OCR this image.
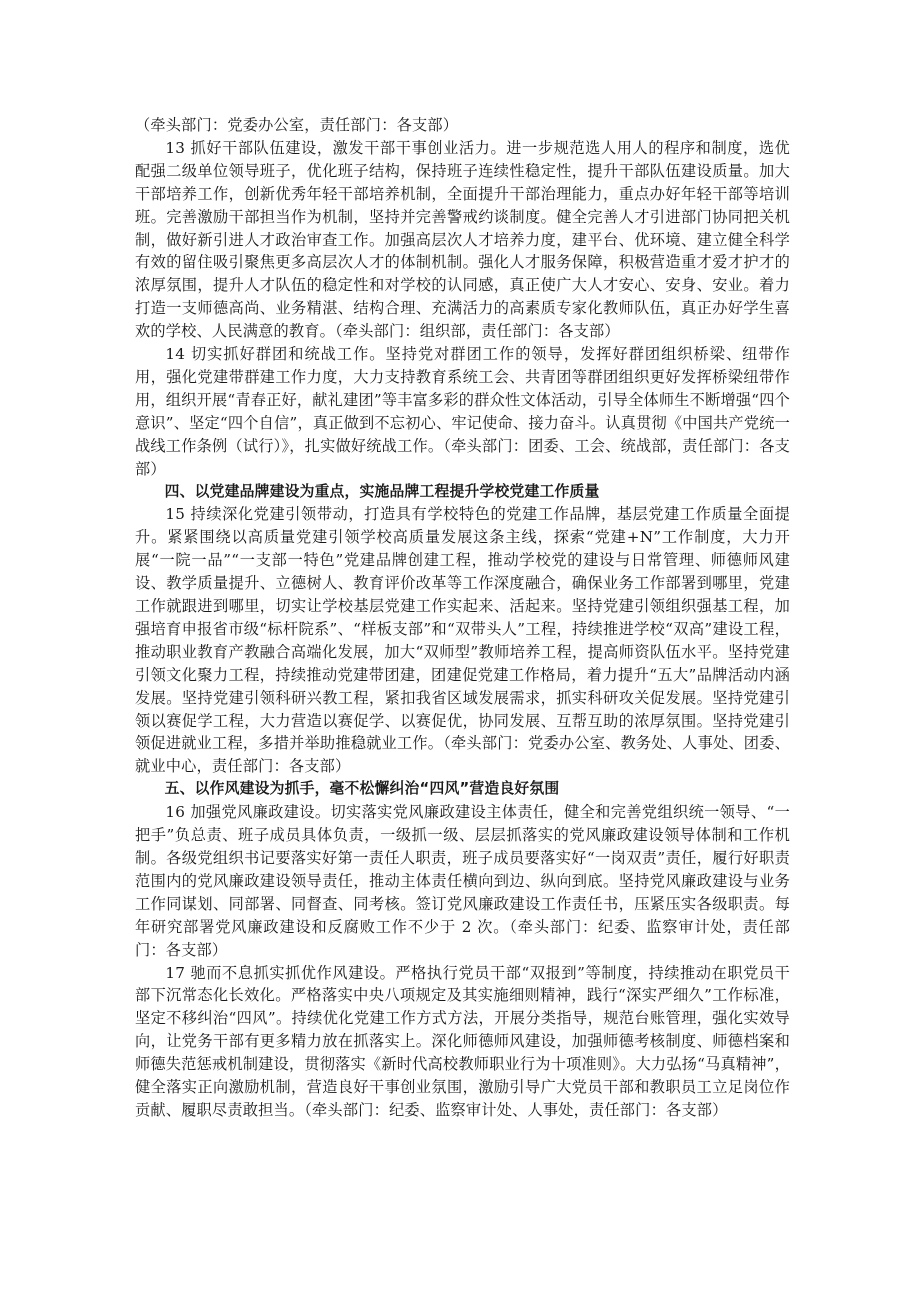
（牵头部门：党委办公室，责任部门：各支部）

13 抓好干部队伍建设，激发干部干事创业活力。进一步规范选人用人的程序和制度，选优配强二级单位领导班子，优化班子结构，保持班子连续性稳定性，提升干部队伍建设质量。加大干部培养工作，创新优秀年轻干部培养机制，全面提升干部治理能力，重点办好年轻干部等培训班。完善激励干部担当作为机制，坚持并完善警戒约谈制度。健全完善人才引进部门协同把关机制，做好新引进人才政治审查工作。加强高层次人才培养力度，建平台、优环境、建立健全科学有效的留住吸引聚焦更多高层次人才的体制机制。强化人才服务保障，积极营造重才爱才护才的浓厚氛围，提升人才队伍的稳定性和对学校的认同感，真正使广大人才安心、安身、安业。着力打造一支师德高尚、业务精湛、结构合理、充满活力的高素质专家化教师队伍，真正办好学生喜欢的学校、人民满意的教育。（牵头部门：组织部，责任部门：各支部）

14 切实抓好群团和统战工作。坚持党对群团工作的领导，发挥好群团组织桥梁、纽带作用，强化党建带群建工作力度，大力支持教育系统工会、共青团等群团组织更好发挥桥梁纽带作用，组织开展“青春正好，献礼建团”等丰富多彩的群众性文体活动，引导全体师生不断增强“四个意识”、坚定“四个自信”，真正做到不忘初心、牢记使命、接力奋斗。认真贯彻《中国共产党统一战线工作条例（试行）》，扎实做好统战工作。（牵头部门：团委、工会、统战部，责任部门：各支部）

四、以党建品牌建设为重点，实施品牌工程提升学校党建工作质量

15 持续深化党建引领带动，打造具有学校特色的党建工作品牌，基层党建工作质量全面提升。紧紧围绕以高质量党建引领学校高质量发展这条主线，探索“党建+N”工作制度，大力开展“一院一品”“一支部一特色”党建品牌创建工程，推动学校党的建设与日常管理、师德师风建设、教学质量提升、立德树人、教育评价改革等工作深度融合，确保业务工作部署到哪里，党建工作就跟进到哪里，切实让学校基层党建工作实起来、活起来。坚持党建引领组织强基工程，加强培育申报省市级“标杆院系”、“样板支部”和“双带头人”工程，持续推进学校“双高”建设工程，推动职业教育产教融合高端化发展，加大“双师型”教师培养工程，提高师资队伍水平。坚持党建引领文化聚力工程，持续推动党建带团建，团建促党建工作格局，着力提升“五大”品牌活动内涵发展。坚持党建引领科研兴教工程，紧扣我省区域发展需求，抓实科研攻关促发展。坚持党建引领以赛促学工程，大力营造以赛促学、以赛促优，协同发展、互帮互助的浓厚氛围。坚持党建引领促进就业工程，多措并举助推稳就业工作。（牵头部门：党委办公室、教务处、人事处、团委、就业中心，责任部门：各支部）

五、以作风建设为抓手，毫不松懈纠治“四风”营造良好氛围

16 加强党风廉政建设。切实落实党风廉政建设主体责任，健全和完善党组织统一领导、“一把手”负总责、班子成员具体负责，一级抓一级、层层抓落实的党风廉政建设领导体制和工作机制。各级党组织书记要落实好第一责任人职责，班子成员要落实好“一岗双责”责任，履行好职责范围内的党风廉政建设领导责任，推动主体责任横向到边、纵向到底。坚持党风廉政建设与业务工作同谋划、同部署、同督查、同考核。签订党风廉政建设工作责任书，压紧压实各级职责。每年研究部署党风廉政建设和反腐败工作不少于 2 次。（牵头部门：纪委、监察审计处，责任部门：各支部）

17 驰而不息抓实抓优作风建设。严格执行党员干部“双报到”等制度，持续推动在职党员干部下沉常态化长效化。严格落实中央八项规定及其实施细则精神，践行“深实严细久”工作标准，坚定不移纠治“四风”。持续优化党建工作方式方法，开展分类指导，规范台账管理，强化实效导向，让党务干部有更多精力放在抓落实上。深化师德师风建设，加强师德考核制度、师德档案和师德失范惩戒机制建设，贯彻落实《新时代高校教师职业行为十项准则》。大力弘扬“马真精神”，健全落实正向激励机制，营造良好干事创业氛围，激励引导广大党员干部和教职员工立足岗位作贡献、履职尽责敢担当。（牵头部门：纪委、监察审计处、人事处，责任部门：各支部）
